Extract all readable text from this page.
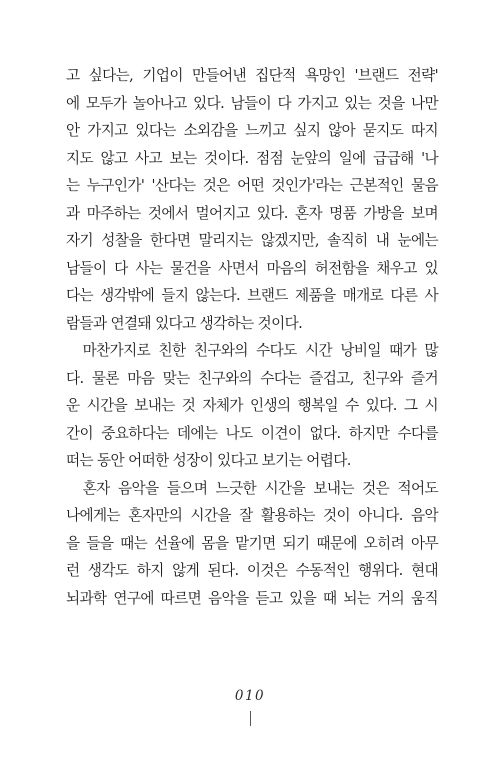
고 싶다는, 기업이 만들어낸 집단적 욕망인 '브랜드 전략'
에 모두가 놀아나고 있다. 남들이 다 가지고 있는 것을 나만
안 가지고 있다는 소외감을 느끼고 싶지 않아 묻지도 따지
지도 않고 사고 보는 것이다. 점점 눈앞의 일에 급급해 '나
는 누구인가' '산다는 것은 어떤 것인가'라는 근본적인 물음
과 마주하는 것에서 멀어지고 있다. 혼자 명품 가방을 보며
자기 성찰을 한다면 말리지는 않겠지만, 솔직히 내 눈에는
남들이 다 사는 물건을 사면서 마음의 허전함을 채우고 있
다는 생각밖에 들지 않는다. 브랜드 제품을 매개로 다른 사
람들과 연결돼 있다고 생각하는 것이다.
마찬가지로 친한 친구와의 수다도 시간 낭비일 때가 많
다. 물론 마음 맞는 친구와의 수다는 즐겁고, 친구와 즐거
운 시간을 보내는 것 자체가 인생의 행복일 수 있다. 그 시
간이 중요하다는 데에는 나도 이견이 없다. 하지만 수다를
떠는 동안 어떠한 성장이 있다고 보기는 어렵다.
혼자 음악을 들으며 느긋한 시간을 보내는 것은 적어도
나에게는 혼자만의 시간을 잘 활용하는 것이 아니다. 음악
을 들을 때는 선율에 몸을 맡기면 되기 때문에 오히려 아무
런 생각도 하지 않게 된다. 이것은 수동적인 행위다. 현대
뇌과학 연구에 따르면 음악을 듣고 있을 때 뇌는 거의 움직
010
